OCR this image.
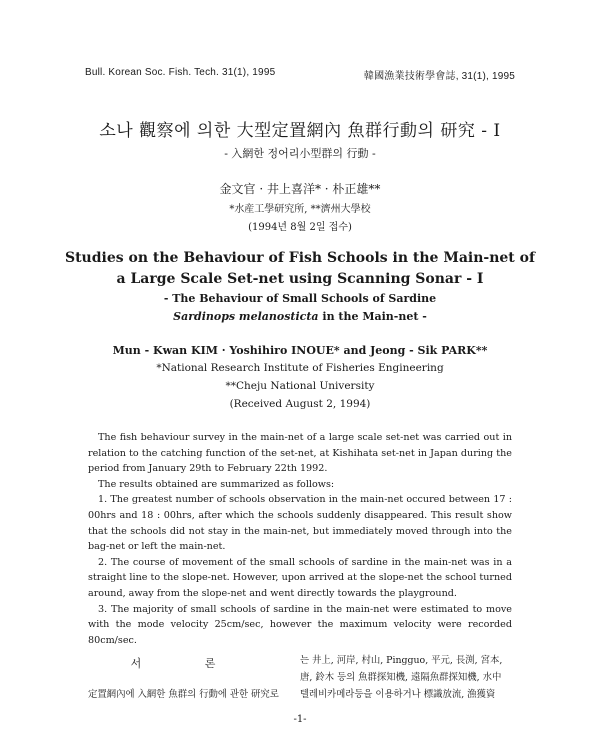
Bull. Korean Soc. Fish. Tech. 31(1), 1995	韓國漁業技術學會誌, 31(1), 1995
소나 觀察에 의한 大型定置網內 魚群行動의 研究 - I
- 入網한 정어리小型群의 行動 -
金文官 · 井上喜洋* · 朴正雄**
*水産工學研究所, **濟州大學校
(1994년 8월 2일 접수)
Studies on the Behaviour of Fish Schools in the Main-net of
a Large Scale Set-net using Scanning Sonar - I
- The Behaviour of Small Schools of Sardine
Sardinops melanosticta in the Main-net -
Mun - Kwan KIM · Yoshihiro INOUE* and Jeong - Sik PARK**
*National Research Institute of Fisheries Engineering
**Cheju National University
(Received August 2, 1994)

The fish behaviour survey in the main-net of a large scale set-net was carried out in relation to the catching function of the set-net, at Kishihata set-net in Japan during the period from January 29th to February 22th 1992.

The results obtained are summarized as follows:

1. The greatest number of schools observation in the main-net occured between 17 : 00hrs and 18 : 00hrs, after which the schools suddenly disappeared. This result show that the schools did not stay in the main-net, but immediately moved through into the bag-net or left the main-net.

2. The course of movement of the small schools of sardine in the main-net was in a straight line to the slope-net. However, upon arrived at the slope-net the school turned around, away from the slope-net and went directly towards the playground.

3. The majority of small schools of sardine in the main-net were estimated to move with the mode velocity 25cm/sec, however the maximum velocity were recorded 80cm/sec.

서 론
定置網內에 入網한 魚群의 行動에 관한 研究로

는 井上, 河岸, 村山, Pingguo, 平元, 長渕, 宮本,

唐, 鈴木 등의 魚群探知機, 遠隔魚群探知機, 水中

텔레비카메라등을 이용하거나 標識放流, 漁獲資

-1-
